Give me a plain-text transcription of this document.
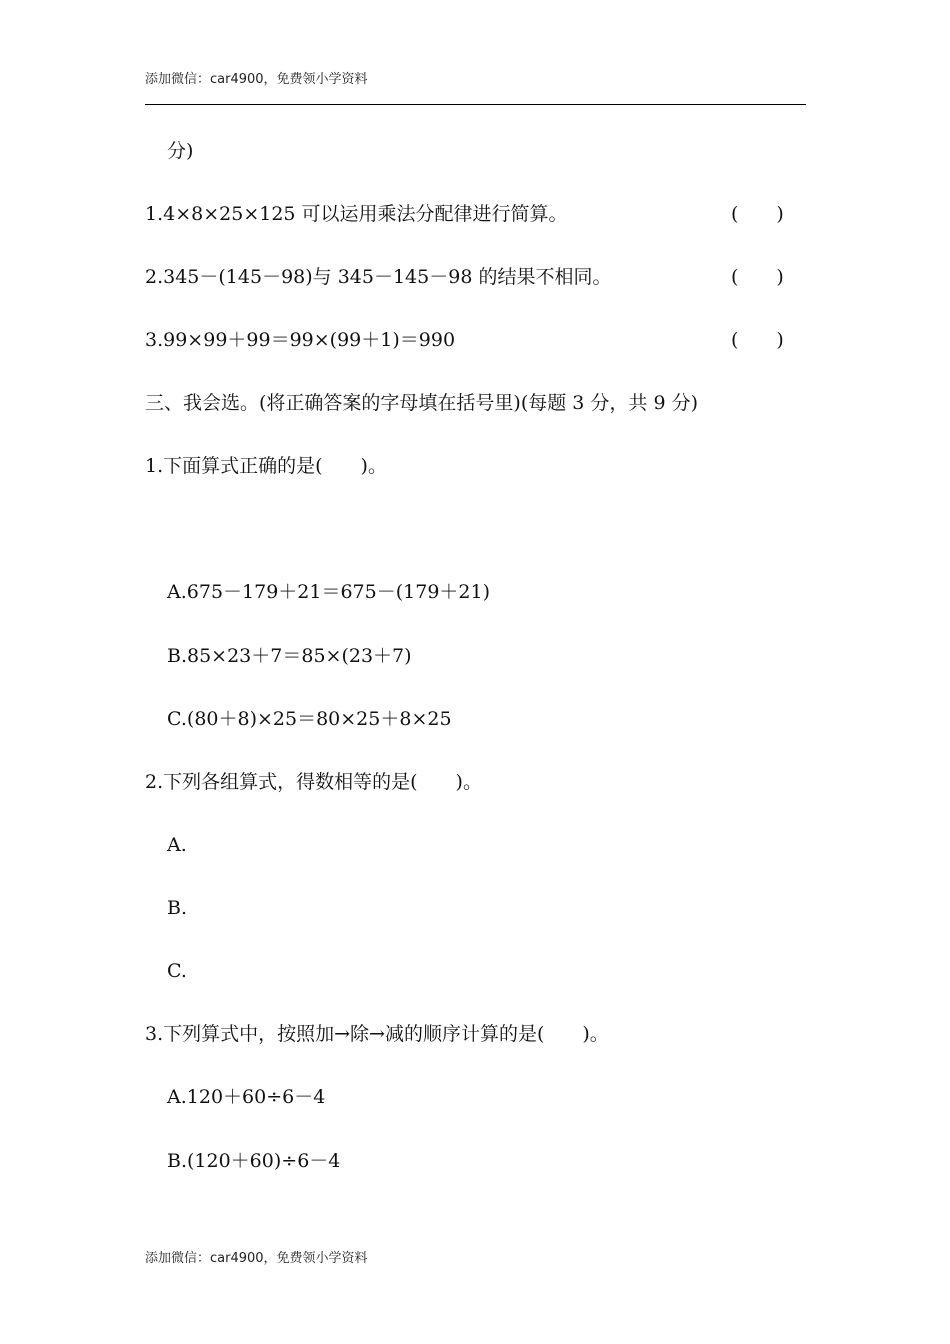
添加微信：car4900，免费领小学资料
分)
1.4×8×25×125 可以运用乘法分配律进行简算。	(　　)
2.345－(145－98)与 345－145－98 的结果不相同。	(　　)
3.99×99＋99＝99×(99＋1)＝990	(　　)
三、我会选。(将正确答案的字母填在括号里)(每题 3 分，共 9 分)
1.下面算式正确的是(　　)。
A.675－179＋21＝675－(179＋21)
B.85×23＋7＝85×(23＋7)
C.(80＋8)×25＝80×25＋8×25
2.下列各组算式，得数相等的是(　　)。
A.
B.
C.
3.下列算式中，按照加→除→减的顺序计算的是(　　)。
A.120＋60÷6－4
B.(120＋60)÷6－4
添加微信：car4900，免费领小学资料
